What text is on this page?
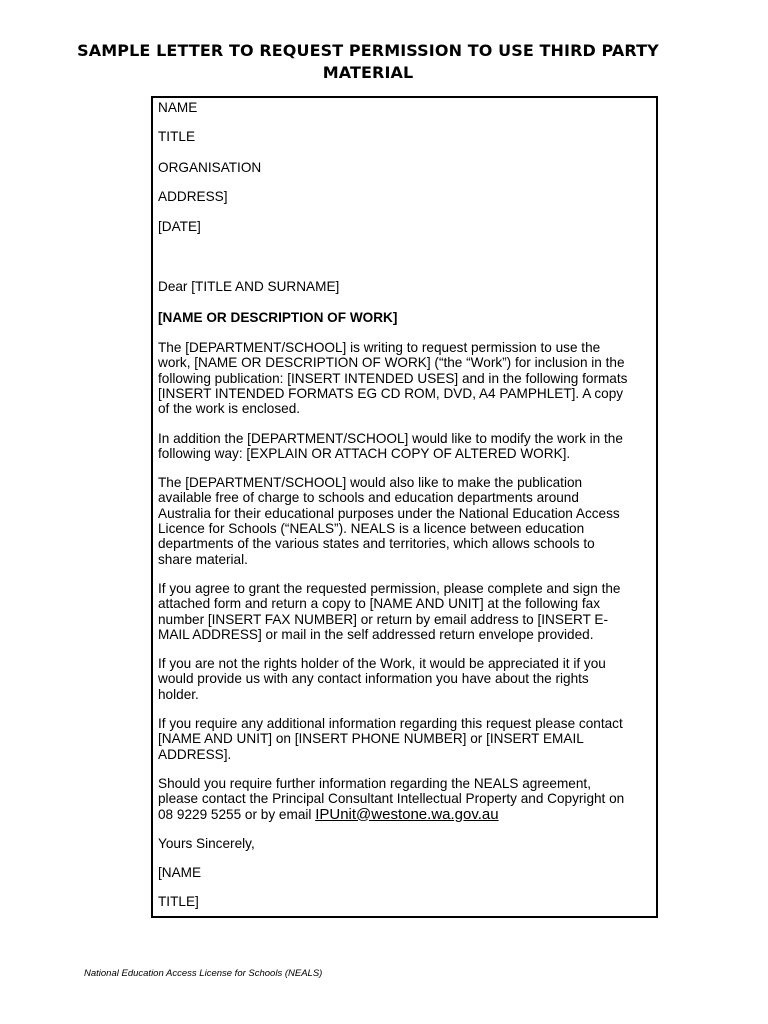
SAMPLE LETTER TO REQUEST PERMISSION TO USE THIRD PARTY
MATERIAL

NAME

TITLE

ORGANISATION

ADDRESS]

[DATE]

Dear [TITLE AND SURNAME]

[NAME OR DESCRIPTION OF WORK]

The [DEPARTMENT/SCHOOL] is writing to request permission to use the
work, [NAME OR DESCRIPTION OF WORK] (“the “Work”) for inclusion in the
following publication: [INSERT INTENDED USES] and in the following formats
[INSERT INTENDED FORMATS EG CD ROM, DVD, A4 PAMPHLET]. A copy
of the work is enclosed.
In addition the [DEPARTMENT/SCHOOL] would like to modify the work in the
following way: [EXPLAIN OR ATTACH COPY OF ALTERED WORK].
The [DEPARTMENT/SCHOOL] would also like to make the publication
available free of charge to schools and education departments around
Australia for their educational purposes under the National Education Access
Licence for Schools (“NEALS”). NEALS is a licence between education
departments of the various states and territories, which allows schools to
share material.
If you agree to grant the requested permission, please complete and sign the
attached form and return a copy to [NAME AND UNIT] at the following fax
number [INSERT FAX NUMBER] or return by email address to [INSERT E-
MAIL ADDRESS] or mail in the self addressed return envelope provided.
If you are not the rights holder of the Work, it would be appreciated it if you
would provide us with any contact information you have about the rights
holder.
If you require any additional information regarding this request please contact
[NAME AND UNIT] on [INSERT PHONE NUMBER] or [INSERT EMAIL
ADDRESS].
Should you require further information regarding the NEALS agreement,
please contact the Principal Consultant Intellectual Property and Copyright on
08 9229 5255 or by email IPUnit@westone.wa.gov.au

Yours Sincerely,

[NAME

TITLE]

National Education Access License for Schools (NEALS)
